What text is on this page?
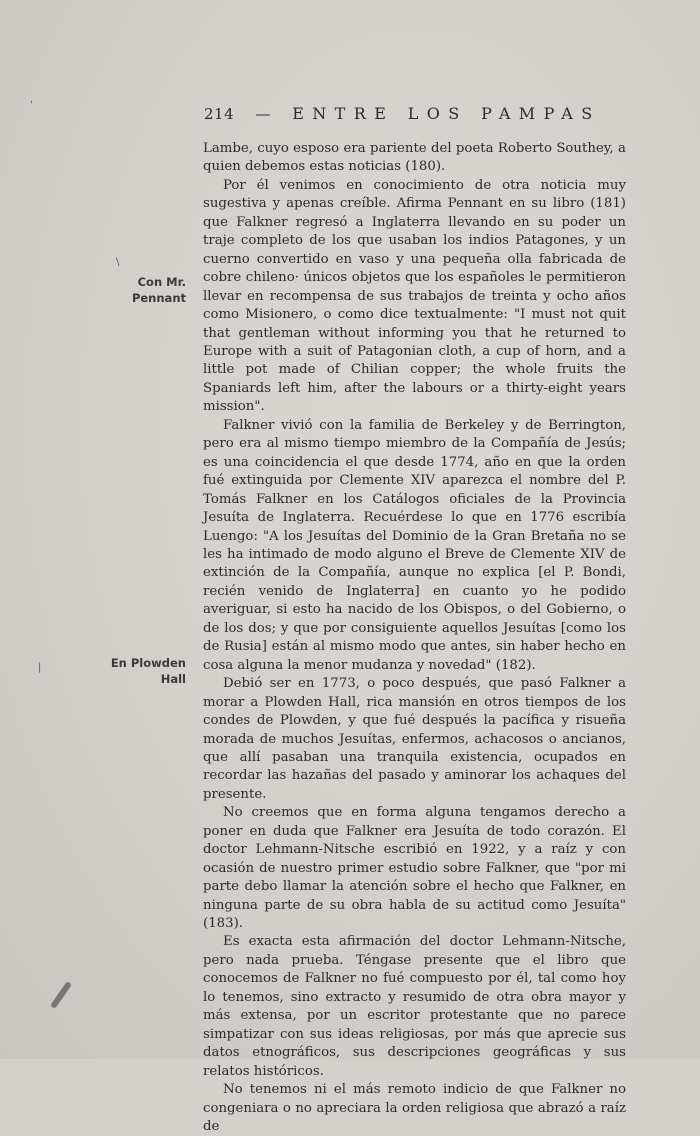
214 — ENTRE LOS PAMPAS
Con Mr. Pennant
En Plowden Hall

Lambe, cuyo esposo era pariente del poeta Roberto Southey, a quien debemos estas noticias (180).

Por él venimos en conocimiento de otra noticia muy sugestiva y apenas creíble. Afirma Pennant en su libro (181) que Falkner regresó a Inglaterra llevando en su poder un traje completo de los que usaban los indios Patagones, y un cuerno convertido en vaso y una pequeña olla fabricada de cobre chileno· únicos objetos que los españoles le permitieron llevar en recompensa de sus trabajos de treinta y ocho años como Misionero, o como dice textualmente: "I must not quit that gentleman without informing you that he returned to Europe with a suit of Patagonian cloth, a cup of horn, and a little pot made of Chilian copper; the whole fruits the Spaniards left him, after the labours or a thirty-eight years mission".

Falkner vivió con la familia de Berkeley y de Berrington, pero era al mismo tiempo miembro de la Compañía de Jesús; es una coincidencia el que desde 1774, año en que la orden fué extinguida por Clemente XIV aparezca el nombre del P. Tomás Falkner en los Catálogos oficiales de la Provincia Jesuíta de Inglaterra. Recuérdese lo que en 1776 escribía Luengo: "A los Jesuítas del Dominio de la Gran Bretaña no se les ha intimado de modo alguno el Breve de Clemente XIV de extinción de la Compañía, aunque no explica [el P. Bondi, recién venido de Inglaterra] en cuanto yo he podido averiguar, si esto ha nacido de los Obispos, o del Gobierno, o de los dos; y que por consiguiente aquellos Jesuítas [como los de Rusia] están al mismo modo que antes, sin haber hecho en cosa alguna la menor mudanza y novedad" (182).

Debió ser en 1773, o poco después, que pasó Falkner a morar a Plowden Hall, rica mansión en otros tiempos de los condes de Plowden, y que fué después la pacífica y risueña morada de muchos Jesuítas, enfermos, achacosos o ancianos, que allí pasaban una tranquila existencia, ocupados en recordar las hazañas del pasado y aminorar los achaques del presente.

No creemos que en forma alguna tengamos derecho a poner en duda que Falkner era Jesuíta de todo corazón. El doctor Lehmann-Nitsche escribió en 1922, y a raíz y con ocasión de nuestro primer estudio sobre Falkner, que "por mi parte debo llamar la atención sobre el hecho que Falkner, en ninguna parte de su obra habla de su actitud como Jesuíta" (183).

Es exacta esta afirmación del doctor Lehmann-Nitsche, pero nada prueba. Téngase presente que el libro que conocemos de Falkner no fué compuesto por él, tal como hoy lo tenemos, sino extracto y resumido de otra obra mayor y más extensa, por un escritor protestante que no parece simpatizar con sus ideas religiosas, por más que aprecie sus datos etnográficos, sus descripciones geográficas y sus relatos históricos.

No tenemos ni el más remoto indicio de que Falkner no congeniara o no apreciara la orden religiosa que abrazó a raíz de

'
\
|
